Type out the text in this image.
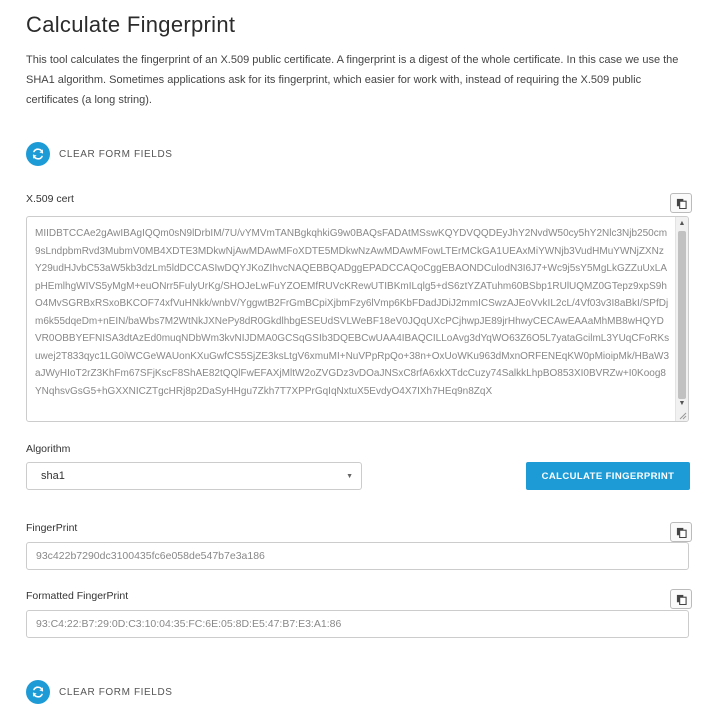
Calculate Fingerprint
This tool calculates the fingerprint of an X.509 public certificate. A fingerprint is a digest of the whole certificate. In this case we use the SHA1 algorithm. Sometimes applications ask for its fingerprint, which easier for work with, instead of requiring the X.509 public certificates (a long string).
CLEAR FORM FIELDS
X.509 cert
MIIDBTCCAe2gAwIBAgIQQm0sN9lDrbIM/7U/vYMVmTANBgkqhkiG9w0BAQsFADAtMSswKQYDVQQDEyJhY2NvdW50cy5hY2Nlc3Njb250cm9sLndpbmRvd3MubmV0MB4XDTE3MDkwNjAwMDAwMFoXDTE5MDkwNzAwMDAwMFowLTErMCkGA1UEAxMiYWNjb3VudHMuYWNjZXNzY29udHJvbC53aW5kb3dzLm5ldDCCASIwDQYJKoZIhvcNAQEBBQADggEPADCCAQoCggEBAONDCulodN3I6J7+Wc9j5sY5MgLkGZZuUxLApHEmlhgWIVS5yMgM+euONrr5FulyUrKg/SHOJeLwFuYZOEMfRUVcKRewUTIBKmILqlg5+dS6ztYZATuhm60BSbp1RUlUQMZ0GTepz9xpS9hO4MvSGRBxRSxoBKCOF74xfVuHNkk/wnbV/YggwtB2FrGmBCpiXjbmFzy6lVmp6KbFDadJDiJ2mmICSwzAJEoVvkIL2cL/4Vf03v3I8aBkI/SPfDjm6k55dqeDm+nEIN/baWbs7M2WtNkJXNePy8dR0GkdlhbgESEUdSVLWeBF18eV0JQqUXcPCjhwpJE89jrHhwyCECAwEAAaMhMB8wHQYDVR0OBBYEFNISA3dtAzEd0muqNDbWm3kvNIJDMA0GCSqGSIb3DQEBCwUAA4IBAQCILLoAvg3dYqWO63Z6O5L7yataGcilmL3YUqCFoRKsuwej2T833qyc1LG0iWCGeWAUonKXuGwfCS5SjZE3ksLtgV6xmuMI+NuVPpRpQo+38n+OxUoWKu963dMxnORFENEqKW0pMioipMk/HBaW3aJWyHIoT2rZ3KhFm67SFjKscF8ShAE82tQQlFwEFAXjMltW2oZVGDz3vDOaJNSxC8rfA6xkXTdcCuzy74SalkkLhpBO853XI0BVRZw+I0Koog8YNqhsvGsG5+hGXXNICZTgcHRj8p2DaSyHHgu7Zkh7T7XPPrGqIqNxtuX5EvdyO4X7IXh7HEq9n8ZqX
▲
▼
Algorithm
sha1	▼	CALCULATE FINGERPRINT
FingerPrint
93c422b7290dc3100435fc6e058de547b7e3a186
Formatted FingerPrint
93:C4:22:B7:29:0D:C3:10:04:35:FC:6E:05:8D:E5:47:B7:E3:A1:86
CLEAR FORM FIELDS
